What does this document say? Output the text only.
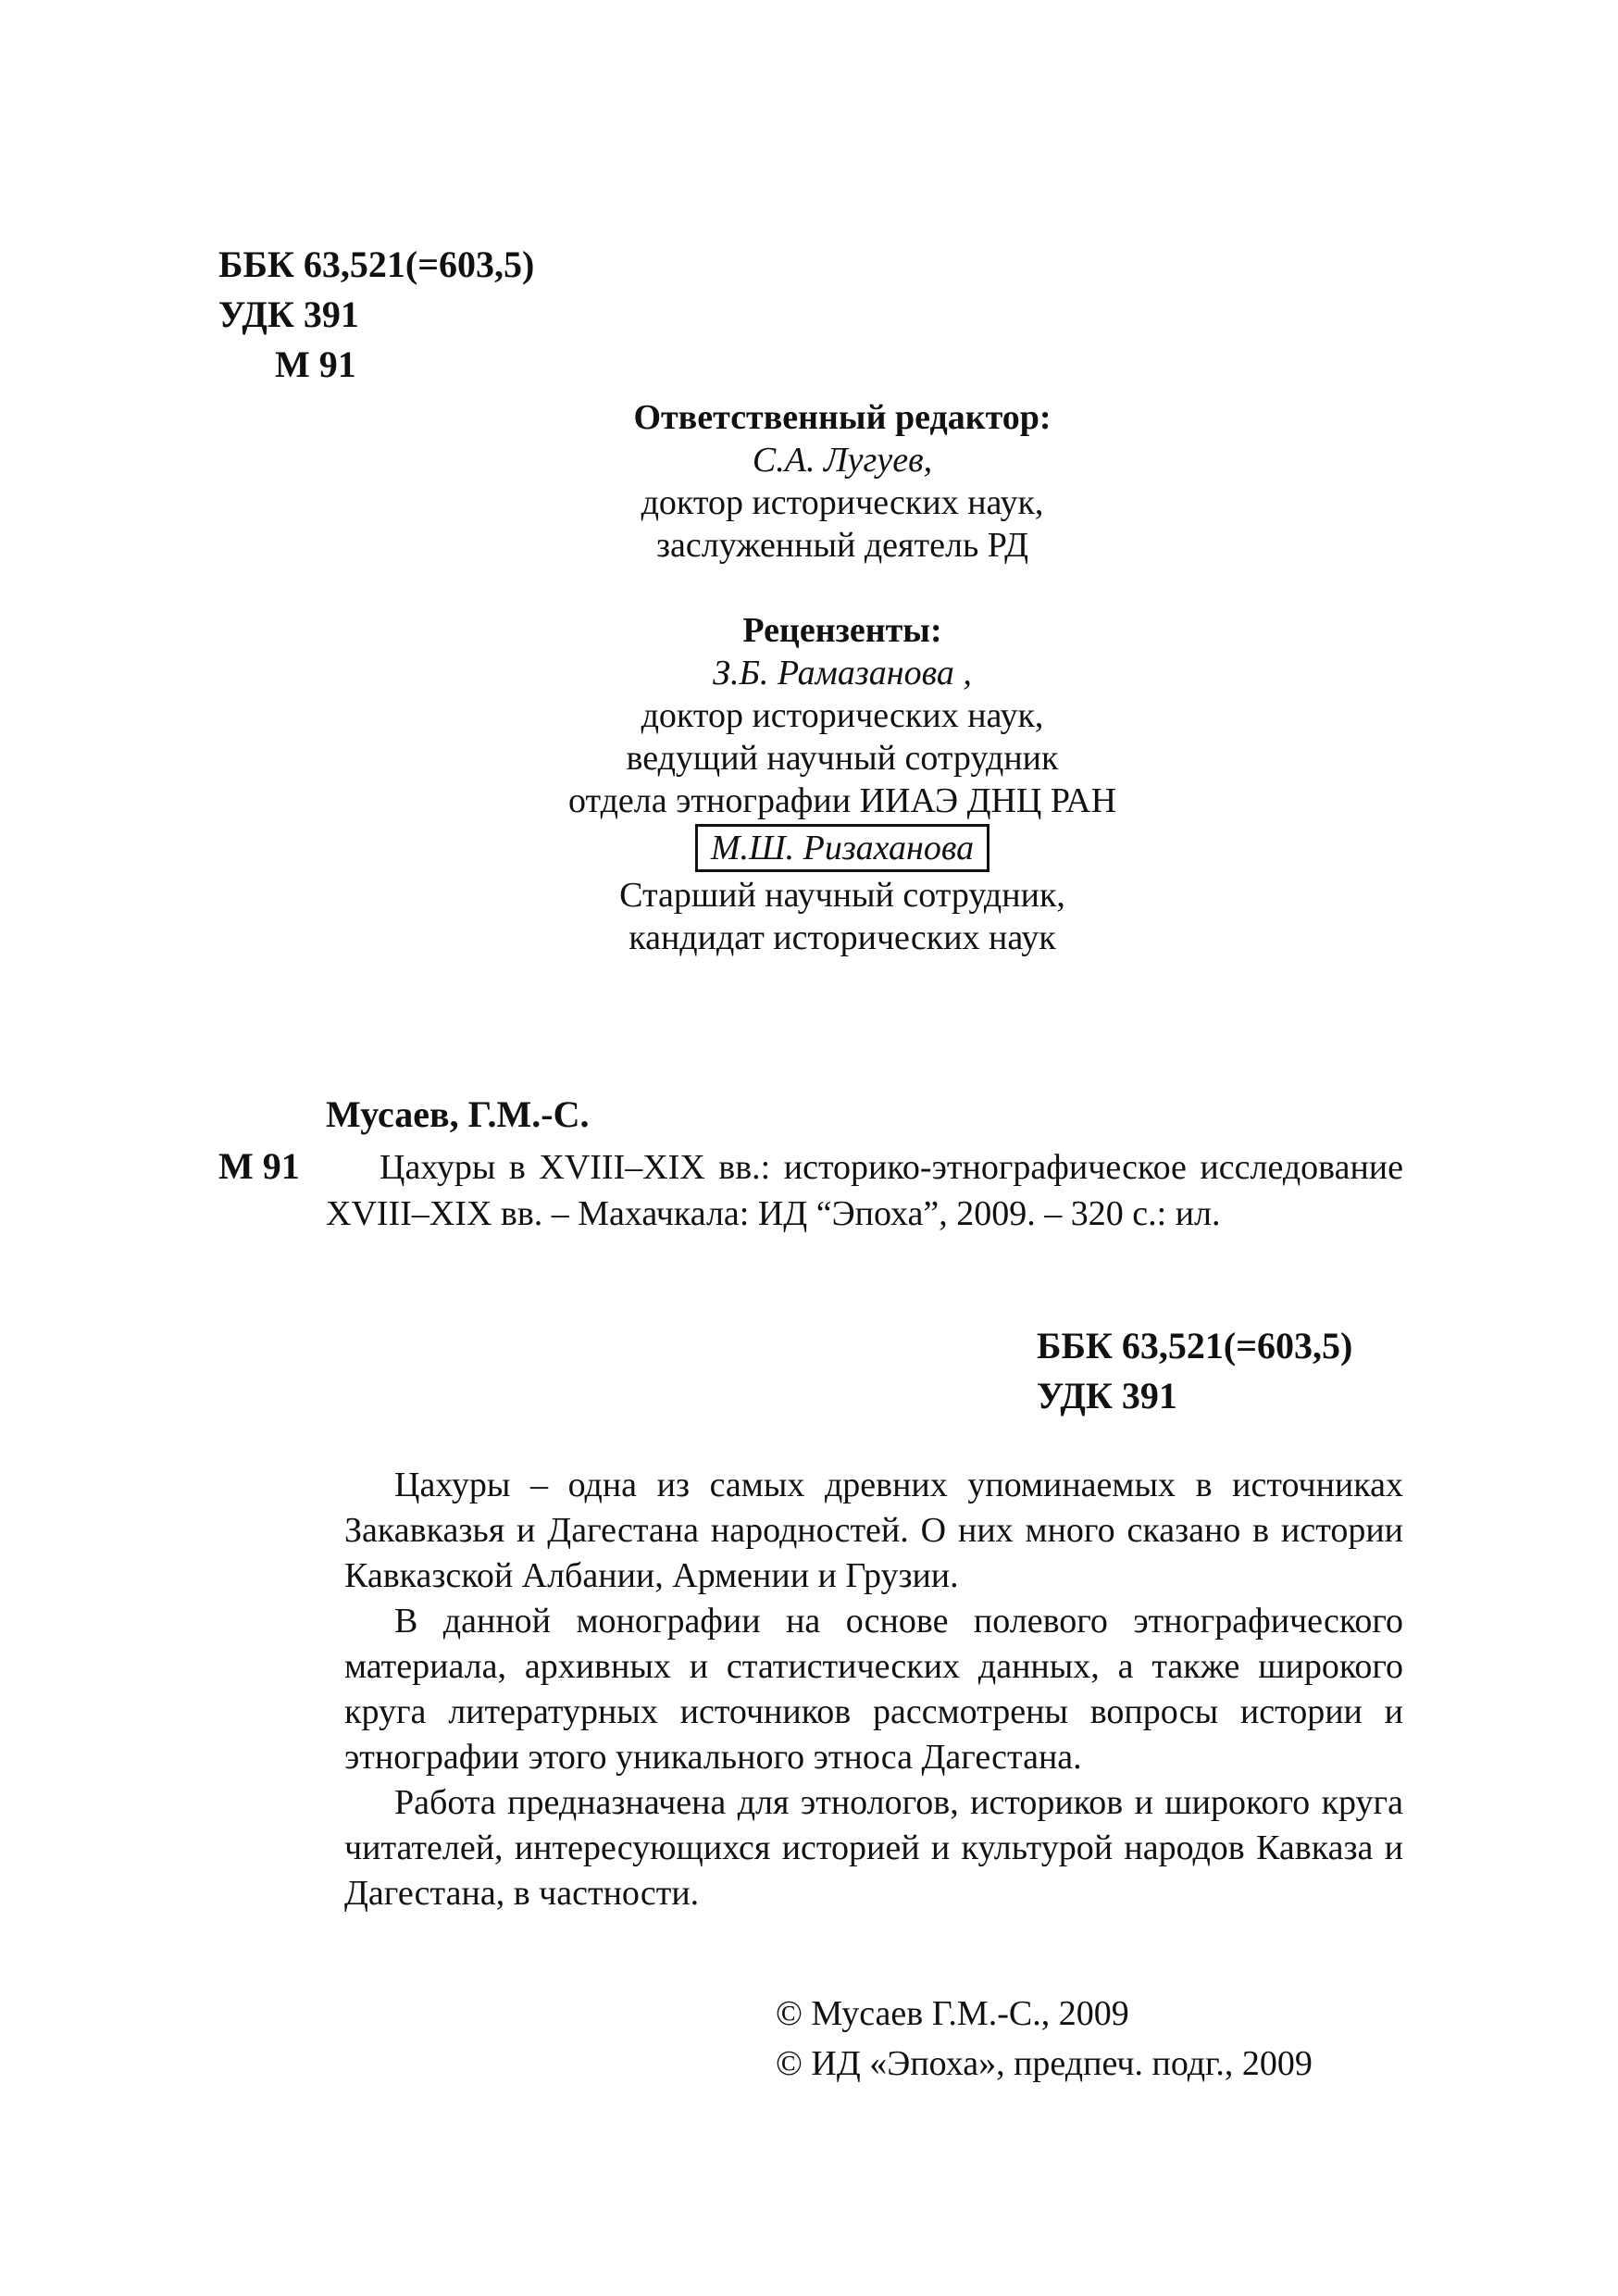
ББК 63,521(=603,5)
УДК 391
М 91
Ответственный редактор:
С.А. Лугуев,
доктор исторических наук,
заслуженный деятель РД
Рецензенты:
З.Б. Рамазанова ,
доктор исторических наук,
ведущий научный сотрудник
отдела этнографии ИИАЭ ДНЦ РАН
М.Ш. Ризаханова
Старший научный сотрудник,
кандидат исторических наук
Мусаев, Г.М.-С.
М 91	Цахуры в XVIII–XIX вв.: историко-этнографическое исследование XVIII–XIX вв. – Махачкала: ИД “Эпоха”, 2009. – 320 с.: ил.
ББК 63,521(=603,5)
УДК 391

Цахуры – одна из самых древних упоминаемых в источниках Закавказья и Дагестана народностей. О них много сказано в истории Кавказской Албании, Армении и Грузии.

В данной монографии на основе полевого этнографического материала, архивных и статистических данных, а также широкого круга литературных источников рассмотрены вопросы истории и этнографии этого уникального этноса Дагестана.

Работа предназначена для этнологов, историков и широкого круга читателей, интересующихся историей и культурой народов Кавказа и Дагестана, в частности.

© Мусаев Г.М.-С., 2009
© ИД «Эпоха», предпеч. подг., 2009
